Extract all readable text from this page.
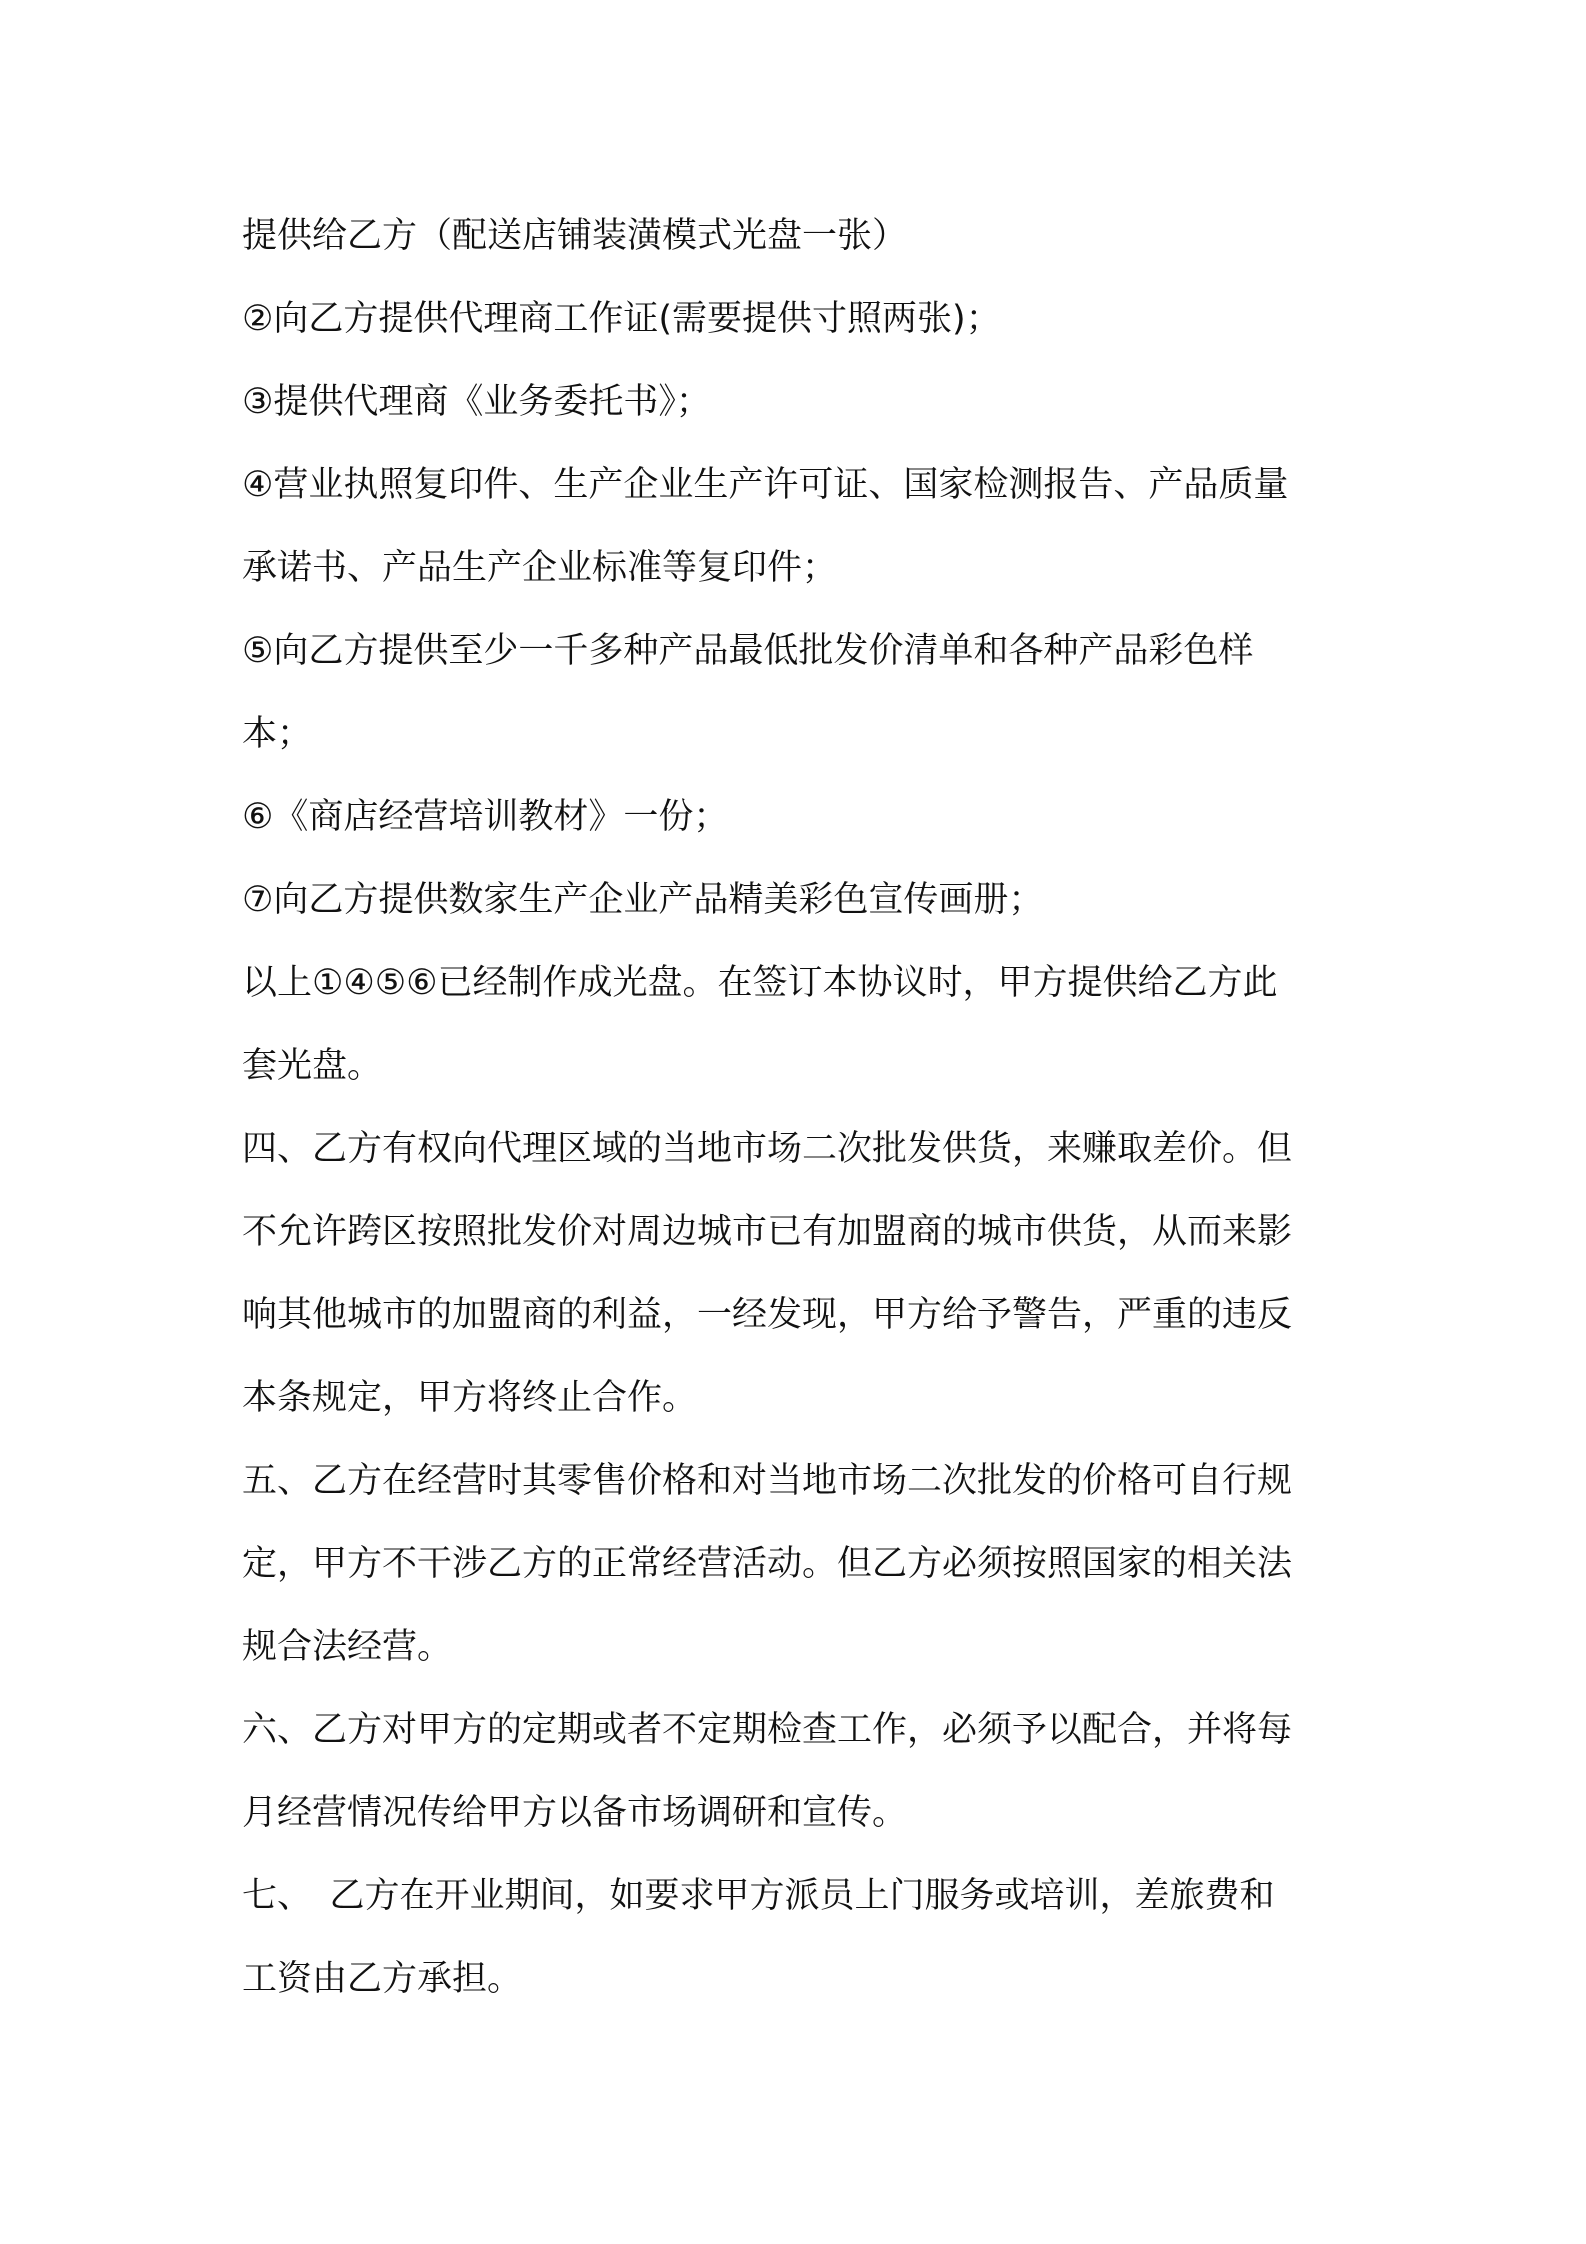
提供给乙方（配送店铺装潢模式光盘一张）
②向乙方提供代理商工作证(需要提供寸照两张)；
③提供代理商《业务委托书》；
④营业执照复印件、生产企业生产许可证、国家检测报告、产品质量
承诺书、产品生产企业标准等复印件；
⑤向乙方提供至少一千多种产品最低批发价清单和各种产品彩色样
本；
⑥《商店经营培训教材》一份；
⑦向乙方提供数家生产企业产品精美彩色宣传画册；
以上①④⑤⑥已经制作成光盘。在签订本协议时，甲方提供给乙方此
套光盘。
四、乙方有权向代理区域的当地市场二次批发供货，来赚取差价。但
不允许跨区按照批发价对周边城市已有加盟商的城市供货，从而来影
响其他城市的加盟商的利益，一经发现，甲方给予警告，严重的违反
本条规定，甲方将终止合作。
五、乙方在经营时其零售价格和对当地市场二次批发的价格可自行规
定，甲方不干涉乙方的正常经营活动。但乙方必须按照国家的相关法
规合法经营。
六、乙方对甲方的定期或者不定期检查工作，必须予以配合，并将每
月经营情况传给甲方以备市场调研和宣传。
七、　乙方在开业期间，如要求甲方派员上门服务或培训，差旅费和
工资由乙方承担。
